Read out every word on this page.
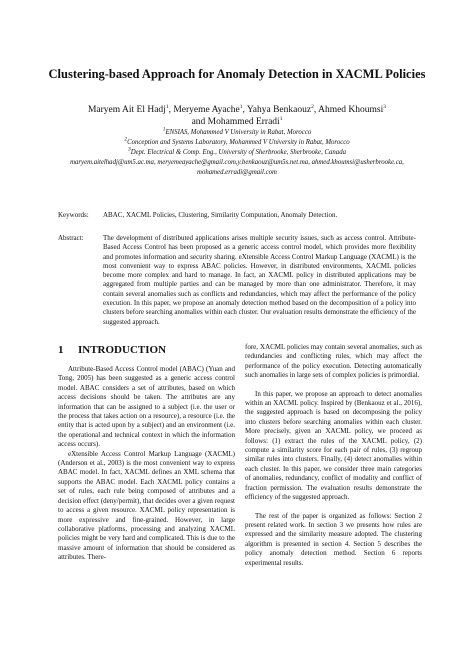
Clustering-based Approach for Anomaly Detection in XACML Policies
Maryem Ait El Hadj$^1$, Meryeme Ayache$^1$, Yahya Benkaouz$^2$, Ahmed Khoumsi$^3$
and Mohammed Erradi$^1$
$^1$ENSIAS, Mohammed V University in Rabat, Morocco
$^2$Conception and Systems Laboratory, Mohammed V University in Rabat, Morocco
$^3$Dept. Electrical & Comp. Eng., University of Sherbrooke, Sherbrooke, Canada
maryem.aitelhadj@um5.ac.ma, meryemeayache@gmail.com,y.benkaouz@um5s.net.ma, ahmed.khoumsi@usherbrooke.ca,
mohamed.erradi@gmail.com
Keywords:	ABAC, XACML Policies, Clustering, Similarity Computation, Anomaly Detection.
Abstract:	The development of distributed applications arises multiple security issues, such as access control. Attribute-Based Access Control has been proposed as a generic access control model, which provides more flexibility and promotes information and security sharing. eXtensible Access Control Markup Language (XACML) is the most convenient way to express ABAC policies. However, in distributed environments, XACML policies become more complex and hard to manage. In fact, an XACML policy in distributed applications may be aggregated from multiple parties and can be managed by more than one administrator. Therefore, it may contain several anomalies such as conflicts and redundancies, which may affect the performance of the policy execution. In this paper, we propose an anomaly detection method based on the decomposition of a policy into clusters before searching anomalies within each cluster. Our evaluation results demonstrate the efficiency of the suggested approach.
1 INTRODUCTION

Attribute-Based Access Control model (ABAC) (Yuan and Tong, 2005) has been suggested as a generic access control model. ABAC considers a set of attributes, based on which access decisions should be taken. The attributes are any information that can be assigned to a subject (i.e. the user or the process that takes action on a resource), a resource (i.e. the entity that is acted upon by a subject) and an environment (i.e. the operational and technical context in which the information access occurs).

eXtensible Access Control Markup Language (XACML) (Anderson et al., 2003) is the most convenient way to express ABAC model. In fact, XACML defines an XML schema that supports the ABAC model. Each XACML policy contains a set of rules, each rule being composed of attributes and a decision effect (deny/permit), that decides over a given request to access a given resource. XACML policy representation is more expressive and fine-grained. However, in large collaborative platforms, processing and analyzing XACML policies might be very hard and complicated. This is due to the massive amount of information that should be considered as attributes. There-

fore, XACML policies may contain several anomalies, such as redundancies and conflicting rules, which may affect the performance of the policy execution. Detecting automatically such anomalies in large sets of complex policies is primordial.

In this paper, we propose an approach to detect anomalies within an XACML policy. Inspired by (Benkaouz et al., 2016), the suggested approach is based on decomposing the policy into clusters before searching anomalies within each cluster. More precisely, given an XACML policy, we proceed as follows: (1) extract the rules of the XACML policy, (2) compute a similarity score for each pair of rules, (3) regroup similar rules into clusters. Finally, (4) detect anomalies within each cluster. In this paper, we consider three main categories of anomalies, redundancy, conflict of modality and conflict of fraction permission. The evaluation results demonstrate the efficiency of the suggested approach.

The rest of the paper is organized as follows: Section 2 present related work. In section 3 we presents how rules are expressed and the similarity measure adopted. The clustering algorithm is presented in section 4. Section 5 describes the policy anomaly detection method. Section 6 reports experimental results.
